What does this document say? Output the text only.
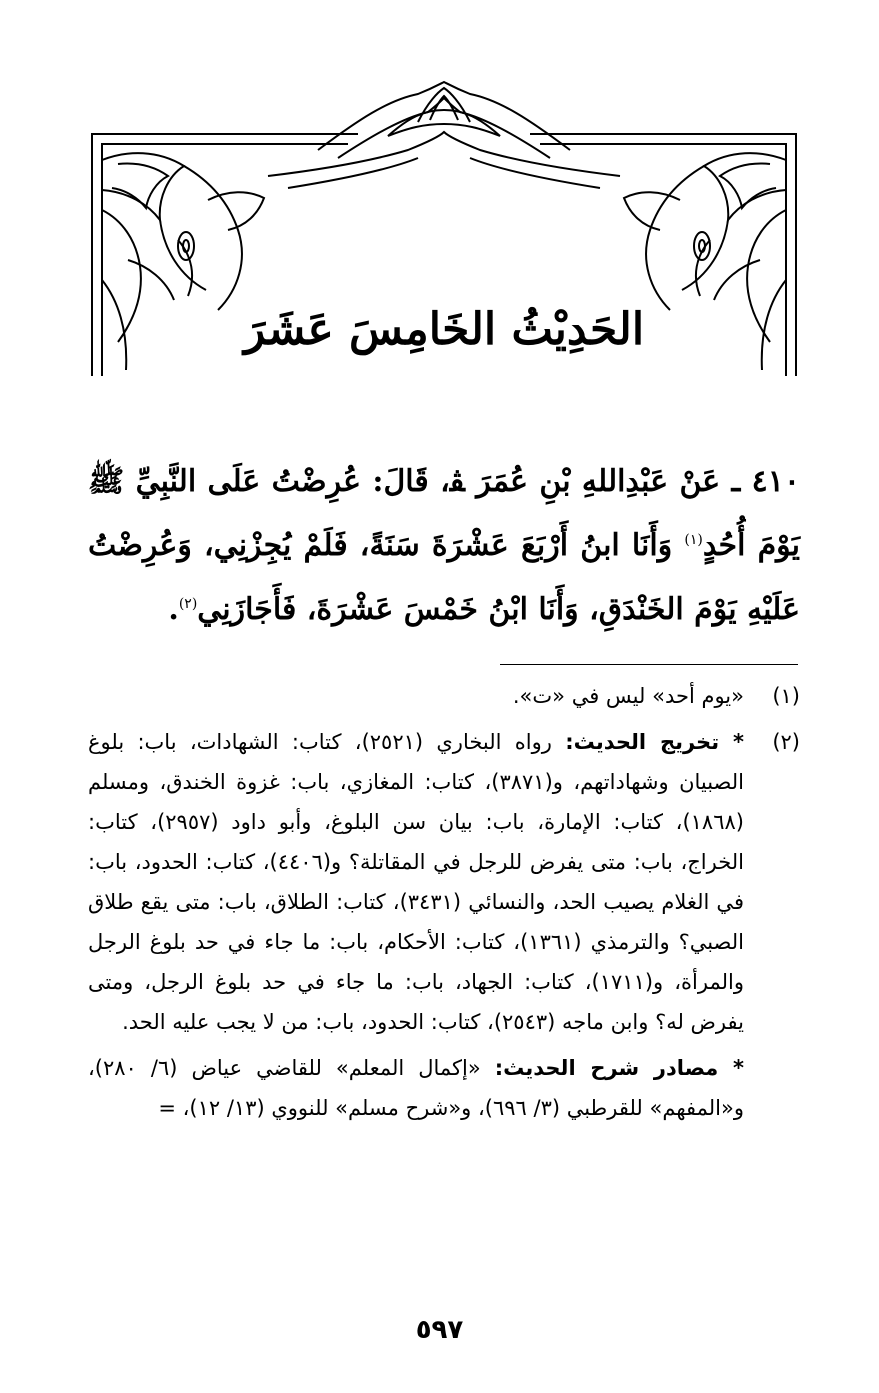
الحَدِيْثُ الخَامِسَ عَشَرَ
٤١٠ ـ عَنْ عَبْدِاللهِ بْنِ عُمَرَ ﭭ، قَالَ: عُرِضْتُ عَلَى النَّبِيِّ ﷺ يَوْمَ أُحُدٍ$^{(١)}$ وَأَنَا ابنُ أَرْبَعَ عَشْرَةَ سَنَةً، فَلَمْ يُجِزْنِي، وَعُرِضْتُ عَلَيْهِ يَوْمَ الخَنْدَقِ، وَأَنَا ابْنُ خَمْسَ عَشْرَةَ، فَأَجَازَنِي$^{(٢)}$.
(١)
«يوم أحد» ليس في «ت».
(٢)
* تخريج الحديث: رواه البخاري (٢٥٢١)، كتاب: الشهادات، باب: بلوغ الصبيان وشهاداتهم، و(٣٨٧١)، كتاب: المغازي، باب: غزوة الخندق، ومسلم (١٨٦٨)، كتاب: الإمارة، باب: بيان سن البلوغ، وأبو داود (٢٩٥٧)، كتاب: الخراج، باب: متى يفرض للرجل في المقاتلة؟ و(٤٤٠٦)، كتاب: الحدود، باب: في الغلام يصيب الحد، والنسائي (٣٤٣١)، كتاب: الطلاق، باب: متى يقع طلاق الصبي؟ والترمذي (١٣٦١)، كتاب: الأحكام، باب: ما جاء في حد بلوغ الرجل والمرأة، و(١٧١١)، كتاب: الجهاد، باب: ما جاء في حد بلوغ الرجل، ومتى يفرض له؟ وابن ماجه (٢٥٤٣)، كتاب: الحدود، باب: من لا يجب عليه الحد.
* مصادر شرح الحديث: «إكمال المعلم» للقاضي عياض (٦/ ٢٨٠)، و«المفهم» للقرطبي (٣/ ٦٩٦)، و«شرح مسلم» للنووي (١٣/ ١٢)، =
٥٩٧
